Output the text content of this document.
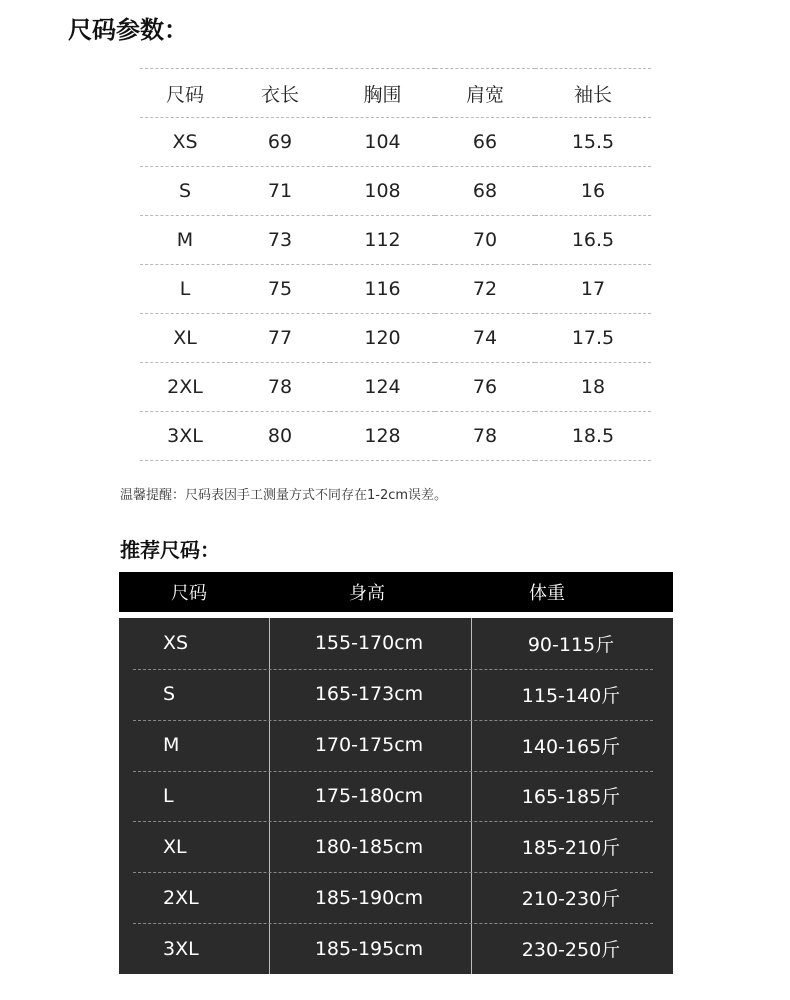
尺码参数：
尺码	衣长	胸围	肩宽	袖长
XS	69	104	66	15.5
S	71	108	68	16
M	73	112	70	16.5
L	75	116	72	17
XL	77	120	74	17.5
2XL	78	124	76	18
3XL	80	128	78	18.5
温馨提醒：尺码表因手工测量方式不同存在1-2cm误差。
推荐尺码：
尺码	身高	体重
XS	155-170cm	90-115斤
S	165-173cm	115-140斤
M	170-175cm	140-165斤
L	175-180cm	165-185斤
XL	180-185cm	185-210斤
2XL	185-190cm	210-230斤
3XL	185-195cm	230-250斤
